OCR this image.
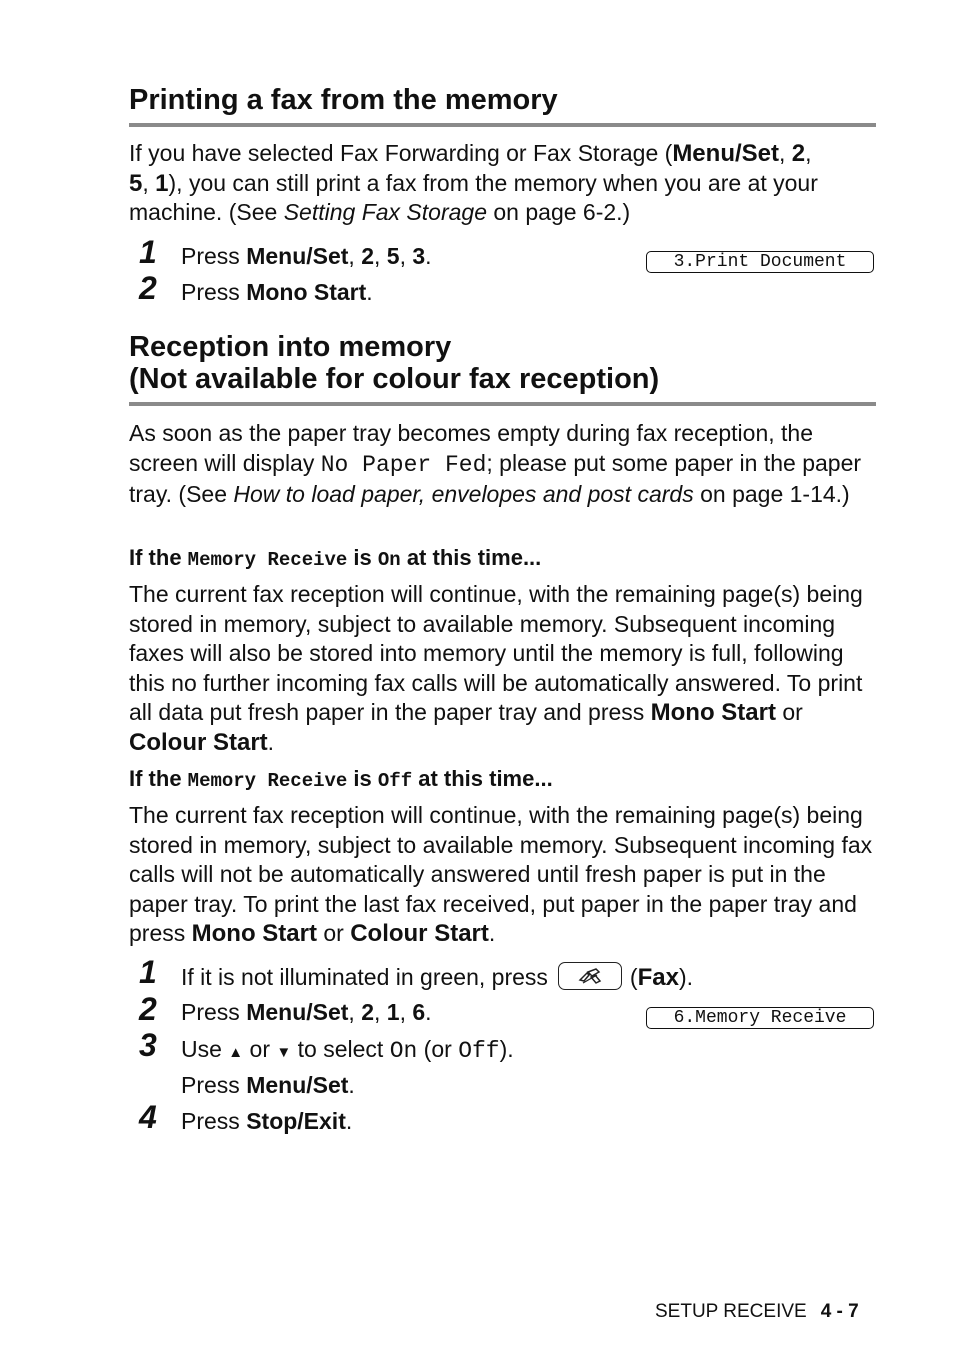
Printing a fax from the memory

If you have selected Fax Forwarding or Fax Storage (Menu/Set, 2,
5, 1), you can still print a fax from the memory when you are at your machine. (See Setting Fax Storage on page 6-2.)

1 Press Menu/Set, 2, 5, 3.	3.Print Document
2 Press Mono Start.

Reception into memory
(Not available for colour fax reception)

As soon as the paper tray becomes empty during fax reception, the screen will display No Paper Fed; please put some paper in the paper tray. (See How to load paper, envelopes and post cards on page 1-14.)

If the Memory Receive is On at this time...

The current fax reception will continue, with the remaining page(s) being stored in memory, subject to available memory. Subsequent incoming faxes will also be stored into memory until the memory is full, following this no further incoming fax calls will be automatically answered. To print all data put fresh paper in the paper tray and press Mono Start or Colour Start.

If the Memory Receive is Off at this time...

The current fax reception will continue, with the remaining page(s) being stored in memory, subject to available memory. Subsequent incoming fax calls will not be automatically answered until fresh paper is put in the paper tray. To print the last fax received, put paper in the paper tray and press Mono Start or Colour Start.

1 If it is not illuminated in green, press	(Fax).

2 Press Menu/Set, 2, 1, 6.	6.Memory Receive
3 Use ▲ or ▼ to select On (or Off).

Press Menu/Set.

4 Press Stop/Exit.

SETUP RECEIVE 4 - 7
